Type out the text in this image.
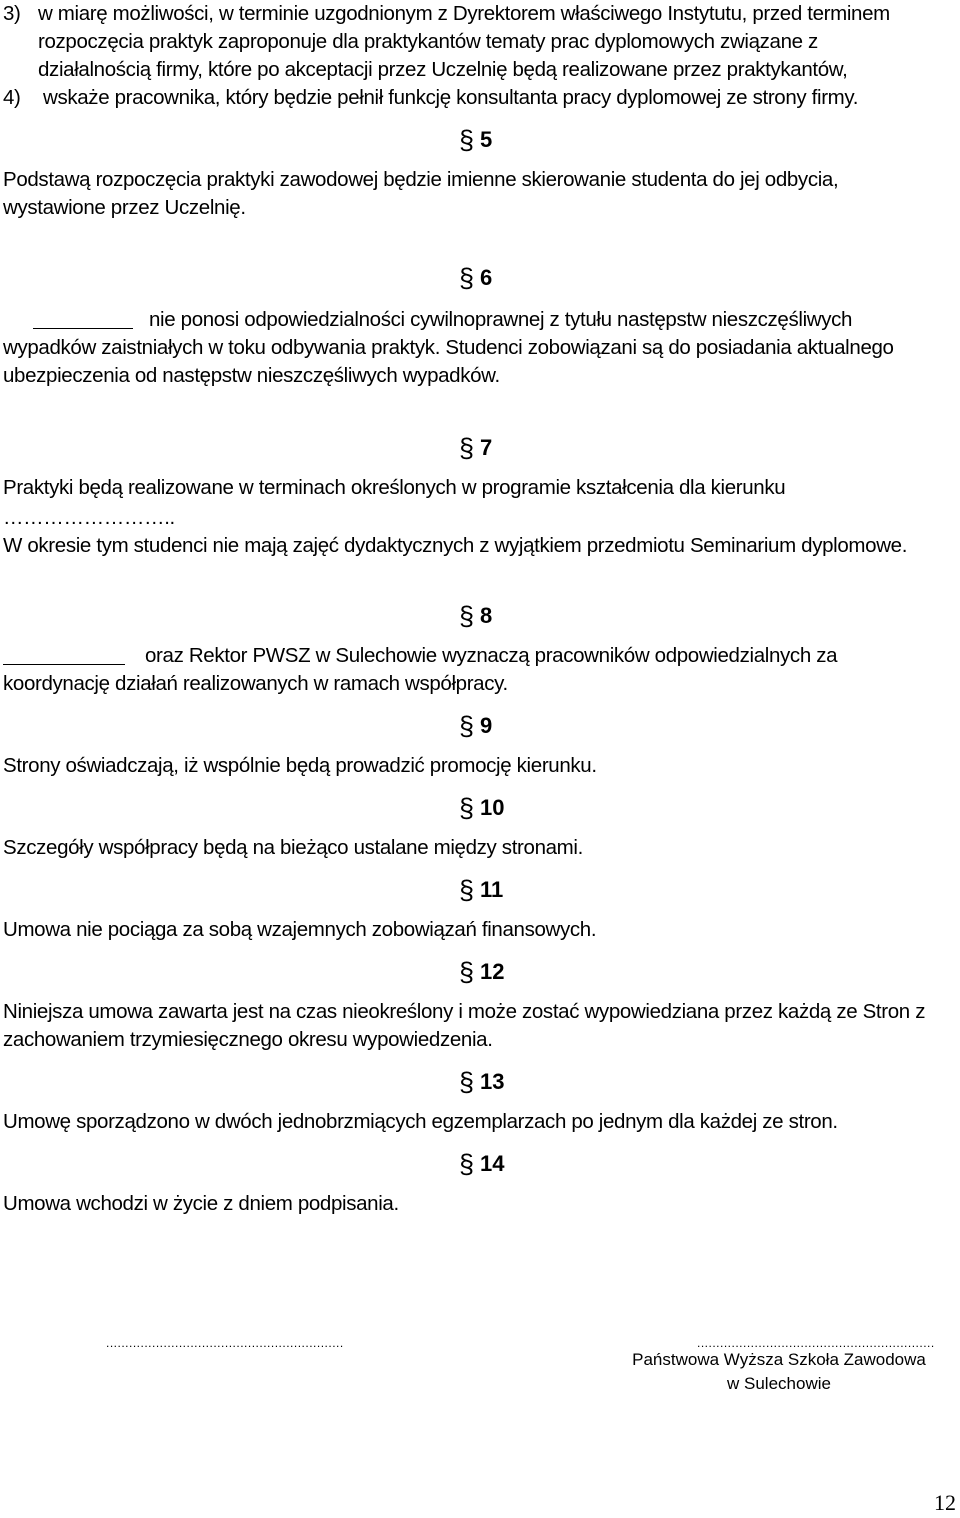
3) w miarę możliwości, w terminie uzgodnionym z Dyrektorem właściwego Instytutu, przed terminem
rozpoczęcia praktyk zaproponuje dla praktykantów tematy prac dyplomowych związane z
działalnością firmy, które po akceptacji przez Uczelnię będą realizowane przez praktykantów,
4) wskaże pracownika, który będzie pełnił funkcję konsultanta pracy dyplomowej ze strony firmy.
§ 5
Podstawą rozpoczęcia praktyki zawodowej będzie imienne skierowanie studenta do jej odbycia,
wystawione przez Uczelnię.
§ 6
nie ponosi odpowiedzialności cywilnoprawnej z tytułu następstw nieszczęśliwych
wypadków zaistniałych w toku odbywania praktyk. Studenci zobowiązani są do posiadania aktualnego
ubezpieczenia od następstw nieszczęśliwych wypadków.
§ 7
Praktyki będą realizowane w terminach określonych w programie kształcenia dla kierunku
……………………..
W okresie tym studenci nie mają zajęć dydaktycznych z wyjątkiem przedmiotu Seminarium dyplomowe.
§ 8
oraz Rektor PWSZ w Sulechowie wyznaczą pracowników odpowiedzialnych za
koordynację działań realizowanych w ramach współpracy.
§ 9
Strony oświadczają, iż wspólnie będą prowadzić promocję kierunku.
§ 10
Szczegóły współpracy będą na bieżąco ustalane między stronami.
§ 11
Umowa nie pociąga za sobą wzajemnych zobowiązań finansowych.
§ 12
Niniejsza umowa zawarta jest na czas nieokreślony i może zostać wypowiedziana przez każdą ze Stron z
zachowaniem trzymiesięcznego okresu wypowiedzenia.
§ 13
Umowę sporządzono w dwóch jednobrzmiących egzemplarzach po jednym dla każdej ze stron.
§ 14
Umowa wchodzi w życie z dniem podpisania.
..............................................................	..............................................................
Państwowa Wyższa Szkoła Zawodowa
w Sulechowie
12
